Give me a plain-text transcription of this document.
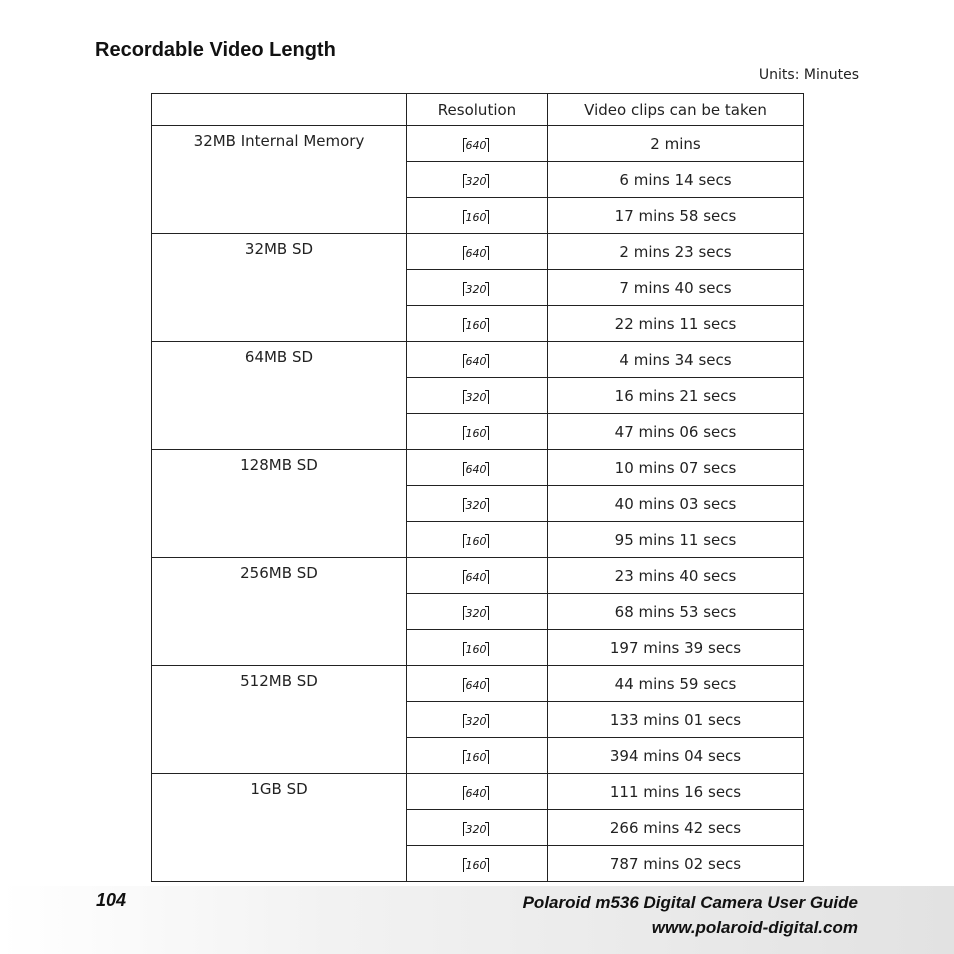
Recordable Video Length
Units: Minutes
	Resolution	Video clips can be taken
32MB Internal Memory	640	2 mins
	320	6 mins 14 secs
	160	17 mins 58 secs
32MB SD	640	2 mins 23 secs
	320	7 mins 40 secs
	160	22 mins 11 secs
64MB SD	640	4 mins 34 secs
	320	16 mins 21 secs
	160	47 mins 06 secs
128MB SD	640	10 mins 07 secs
	320	40 mins 03 secs
	160	95 mins 11 secs
256MB SD	640	23 mins 40 secs
	320	68 mins 53 secs
	160	197 mins 39 secs
512MB SD	640	44 mins 59 secs
	320	133 mins 01 secs
	160	394 mins 04 secs
1GB SD	640	111 mins 16 secs
	320	266 mins 42 secs
	160	787 mins 02 secs
104	Polaroid m536 Digital Camera User Guide
www.polaroid-digital.com
